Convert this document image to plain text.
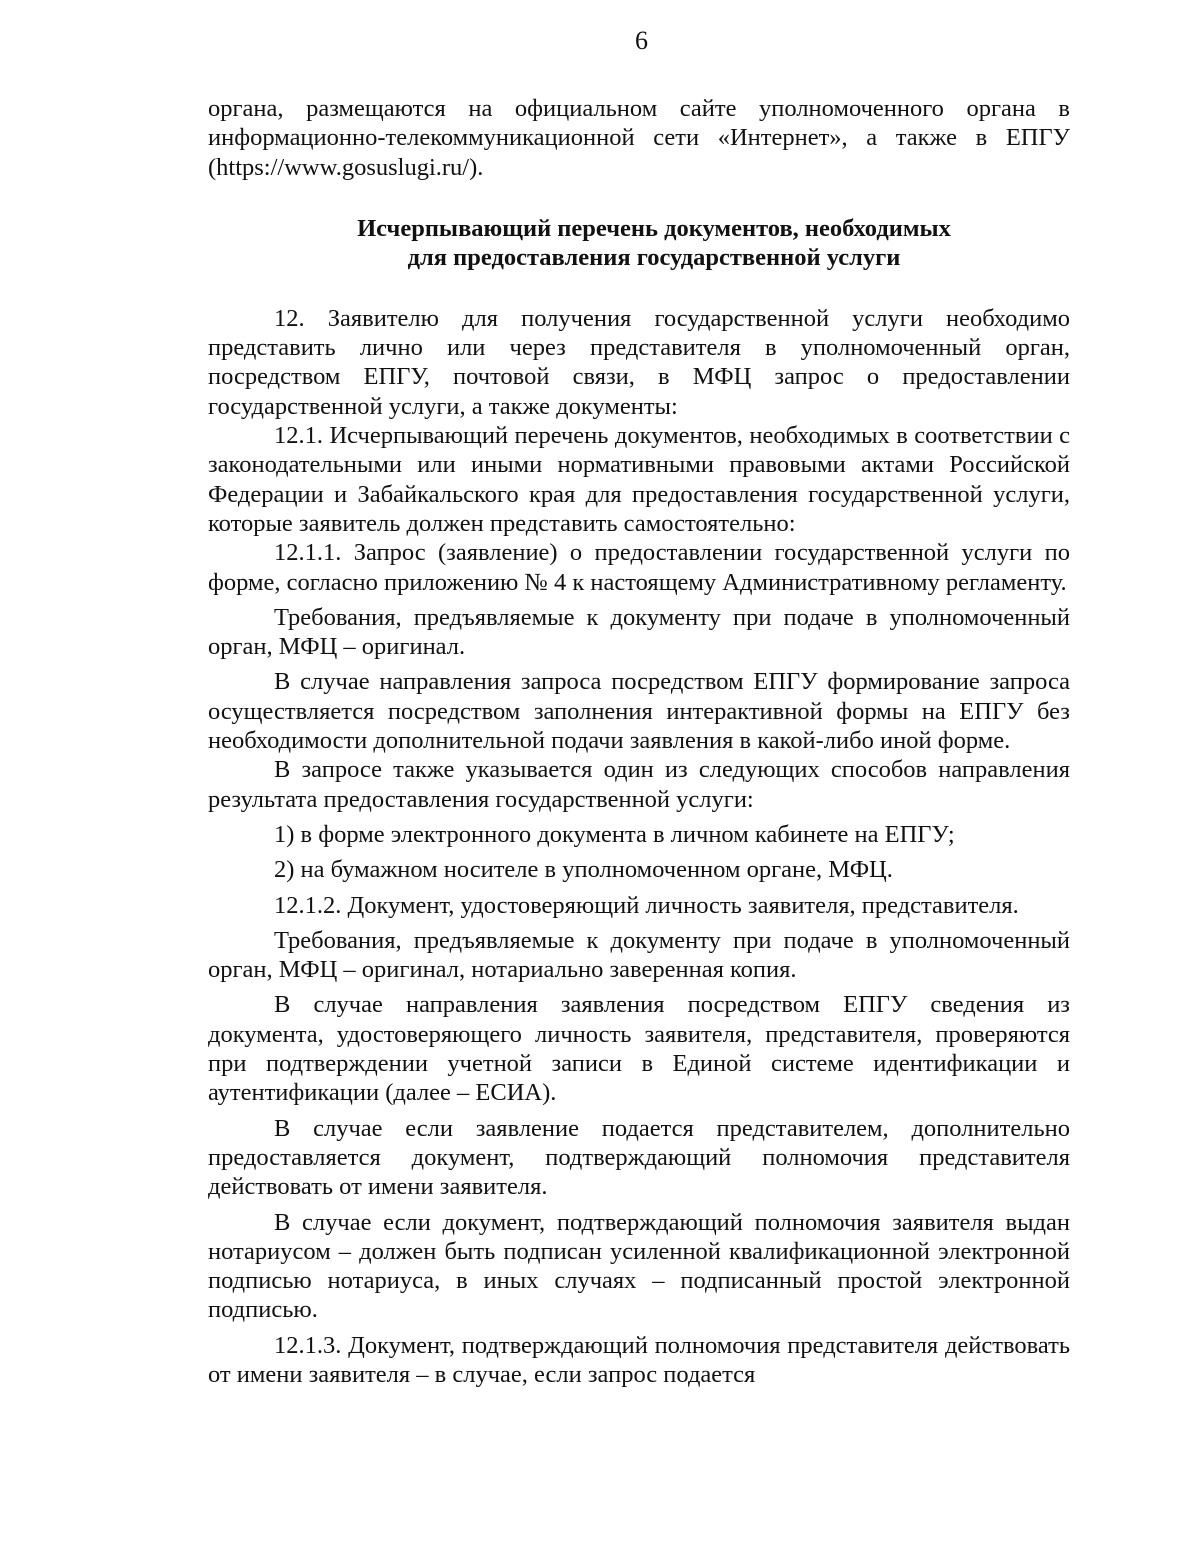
6

органа, размещаются на официальном сайте уполномоченного органа в информационно-телекоммуникационной сети «Интернет», а также в ЕПГУ (https://www.gosuslugi.ru/).

Исчерпывающий перечень документов, необходимых
для предоставления государственной услуги

12. Заявителю для получения государственной услуги необходимо представить лично или через представителя в уполномоченный орган, посредством ЕПГУ, почтовой связи, в МФЦ запрос о предоставлении государственной услуги, а также документы:

12.1. Исчерпывающий перечень документов, необходимых в соответствии с законодательными или иными нормативными правовыми актами Российской Федерации и Забайкальского края для предоставления государственной услуги, которые заявитель должен представить самостоятельно:

12.1.1. Запрос (заявление) о предоставлении государственной услуги по форме, согласно приложению № 4 к настоящему Административному регламенту.

Требования, предъявляемые к документу при подаче в уполномоченный орган, МФЦ – оригинал.

В случае направления запроса посредством ЕПГУ формирование запроса осуществляется посредством заполнения интерактивной формы на ЕПГУ без необходимости дополнительной подачи заявления в какой-либо иной форме.

В запросе также указывается один из следующих способов направления результата предоставления государственной услуги:

1) в форме электронного документа в личном кабинете на ЕПГУ;

2) на бумажном носителе в уполномоченном органе, МФЦ.

12.1.2. Документ, удостоверяющий личность заявителя, представителя.

Требования, предъявляемые к документу при подаче в уполномоченный орган, МФЦ – оригинал, нотариально заверенная копия.

В случае направления заявления посредством ЕПГУ сведения из документа, удостоверяющего личность заявителя, представителя, проверяются при подтверждении учетной записи в Единой системе идентификации и аутентификации (далее – ЕСИА).

В случае если заявление подается представителем, дополнительно предоставляется документ, подтверждающий полномочия представителя действовать от имени заявителя.

В случае если документ, подтверждающий полномочия заявителя выдан нотариусом – должен быть подписан усиленной квалификационной электронной подписью нотариуса, в иных случаях – подписанный простой электронной подписью.

12.1.3. Документ, подтверждающий полномочия представителя действовать от имени заявителя – в случае, если запрос подается
